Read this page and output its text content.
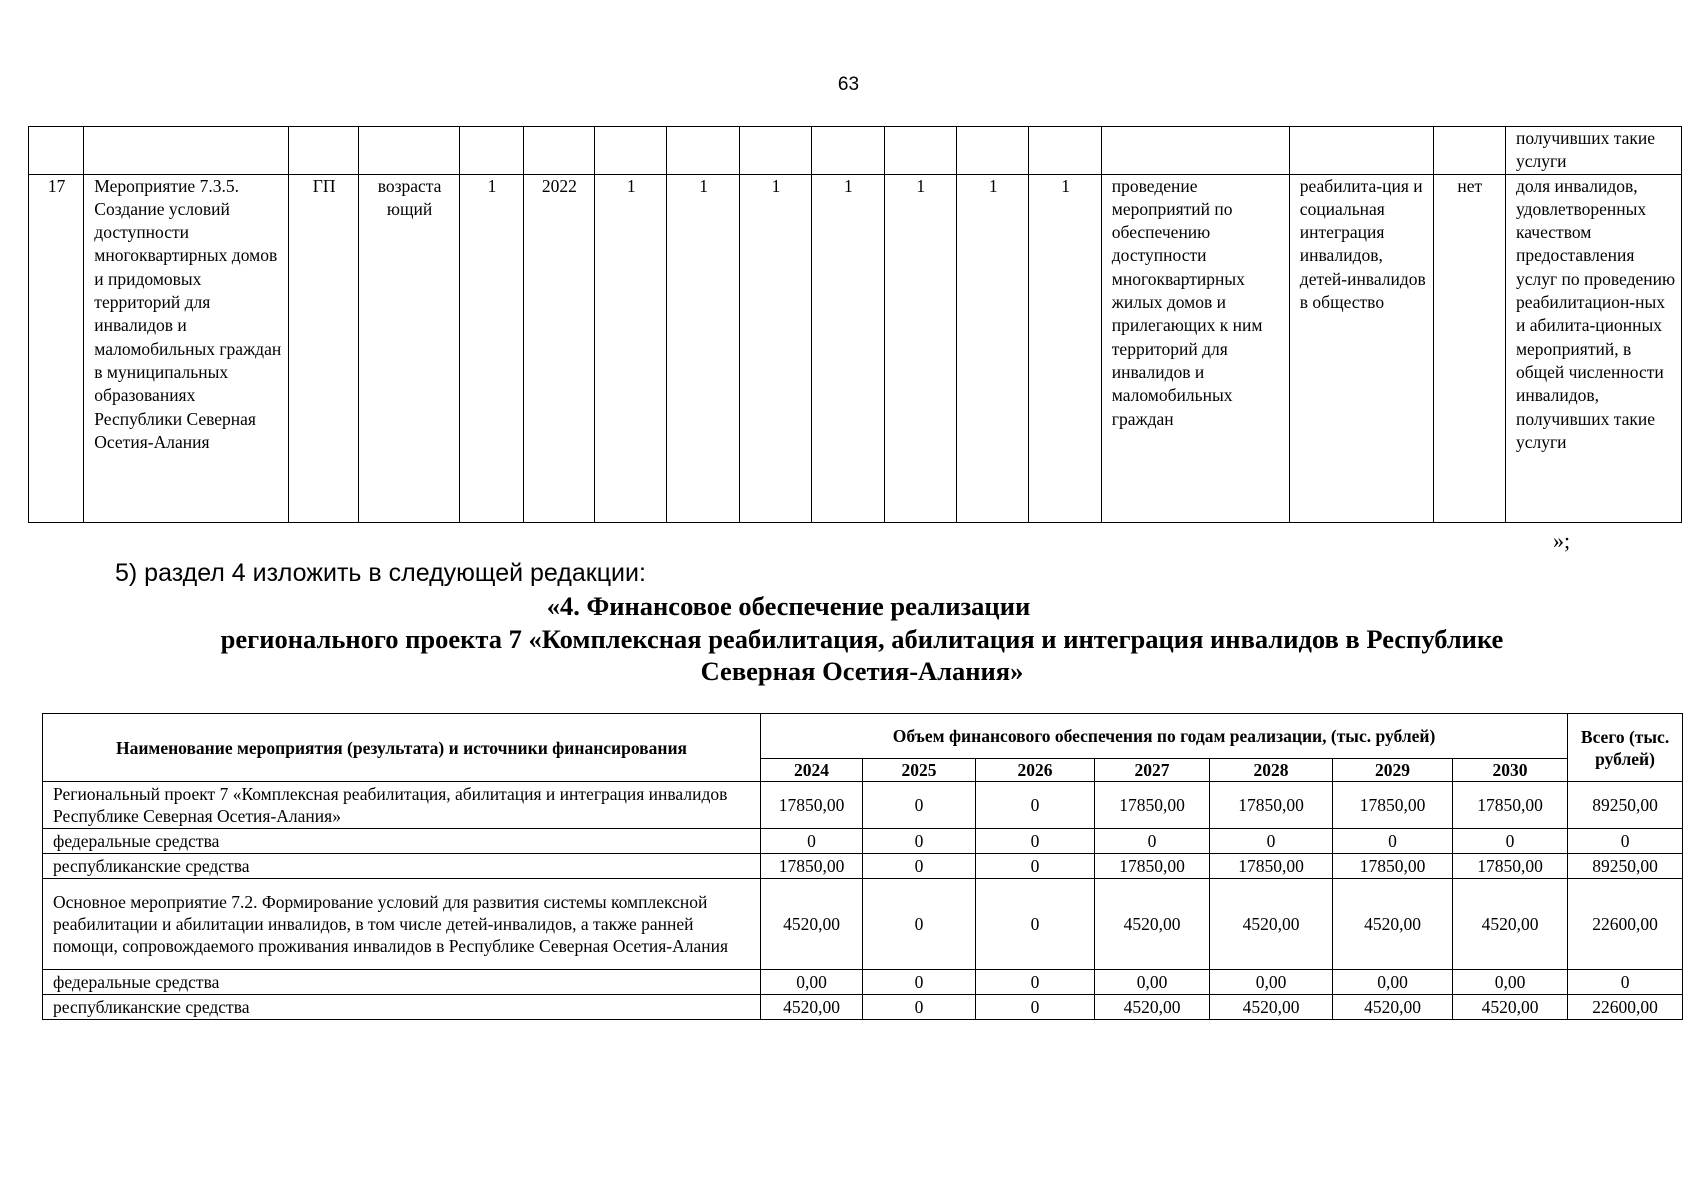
63
																получивших такие услуги
17	Мероприятие 7.3.5. Создание условий доступности многоквартирных домов и придомовых территорий для инвалидов и маломобильных граждан в муниципальных образованиях Республики Северная Осетия-Алания	ГП	возраста ющий	1	2022	1	1	1	1	1	1	1	проведение мероприятий по обеспечению доступности многоквартирных жилых домов и прилегающих к ним территорий для инвалидов и маломобильных граждан	реабилита-ция и социальная интеграция инвалидов, детей-инвалидов в общество	нет	доля инвалидов, удовлетворенных качеством предоставления услуг по проведению реабилитацион-ных и абилита-ционных мероприятий, в общей численности инвалидов, получивших такие услуги
»;
5) раздел 4 изложить в следующей редакции:
«4. Финансовое обеспечение реализации
регионального проекта 7 «Комплексная реабилитация, абилитация и интеграция инвалидов в Республике
Северная Осетия-Алания»
Наименование мероприятия (результата) и источники финансирования	Объем финансового обеспечения по годам реализации, (тыс. рублей)							Всего (тыс. рублей)
	2024	2025	2026	2027	2028	2029	2030	
Региональный проект 7 «Комплексная реабилитация, абилитация и интеграция инвалидов Республике Северная Осетия-Алания»	17850,00	0	0	17850,00	17850,00	17850,00	17850,00	89250,00
федеральные средства	0	0	0	0	0	0	0	0
республиканские средства	17850,00	0	0	17850,00	17850,00	17850,00	17850,00	89250,00
Основное мероприятие 7.2. Формирование условий для развития системы комплексной реабилитации и абилитации инвалидов, в том числе детей-инвалидов, а также ранней помощи, сопровождаемого проживания инвалидов в Республике Северная Осетия-Алания	4520,00	0	0	4520,00	4520,00	4520,00	4520,00	22600,00
федеральные средства	0,00	0	0	0,00	0,00	0,00	0,00	0
республиканские средства	4520,00	0	0	4520,00	4520,00	4520,00	4520,00	22600,00
